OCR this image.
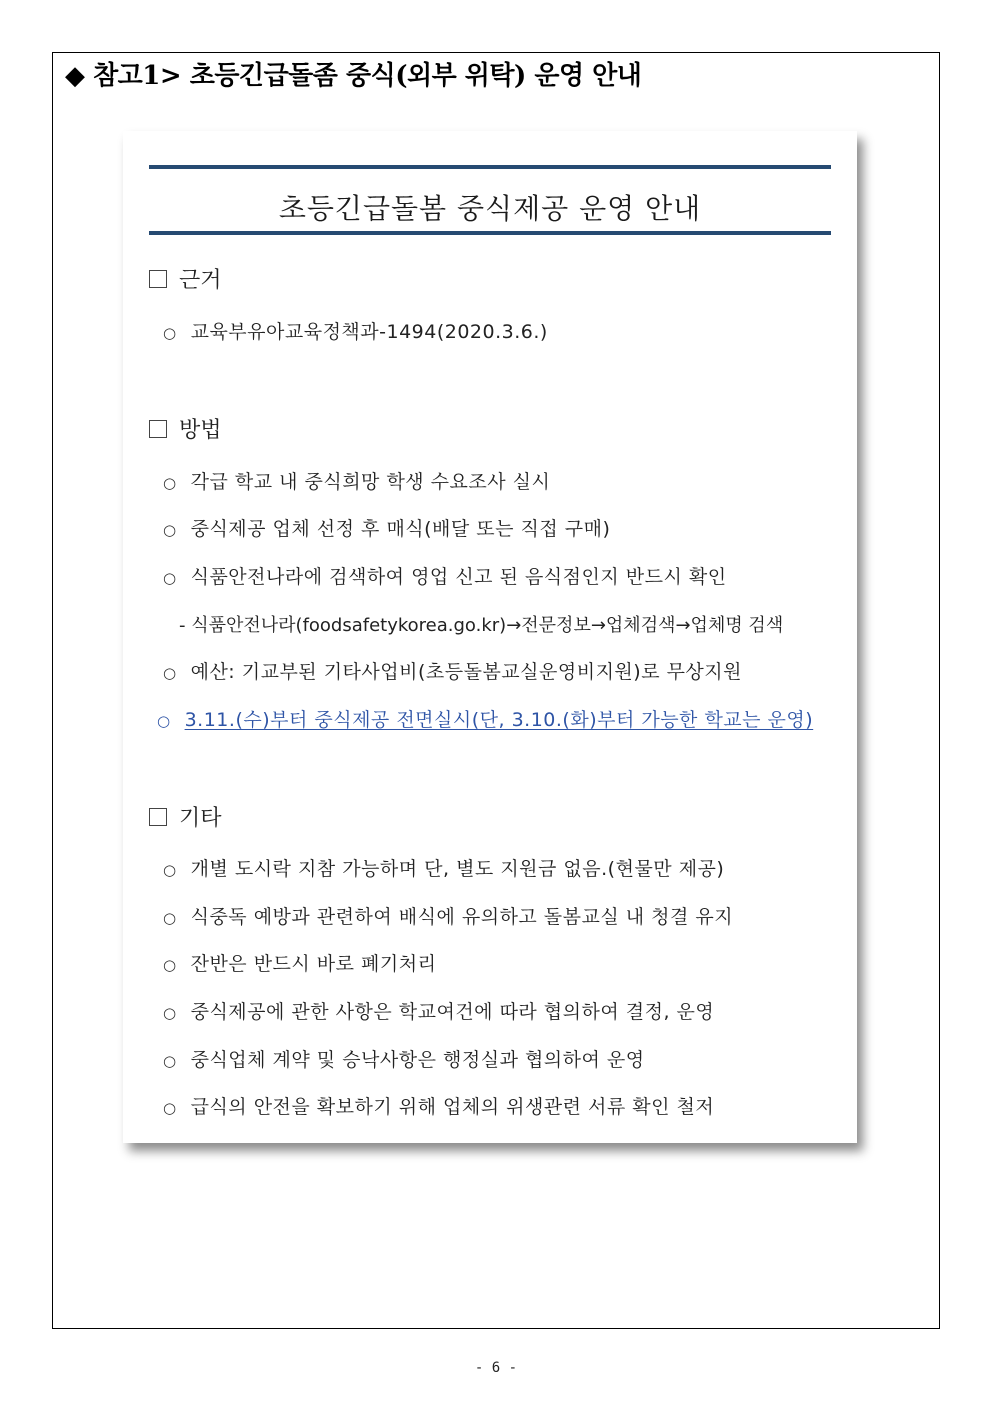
◆ 참고1> 초등긴급돌좀 중식(외부 위탁) 운영 안내
초등긴급돌봄 중식제공 운영 안내
근거
○ 교육부유아교육정책과-1494(2020.3.6.)
방법
○ 각급 학교 내 중식희망 학생 수요조사 실시
○ 중식제공 업체 선정 후 매식(배달 또는 직접 구매)
○ 식품안전나라에 검색하여 영업 신고 된 음식점인지 반드시 확인
- 식품안전나라(foodsafetykorea.go.kr)→전문정보→업체검색→업체명 검색
○ 예산: 기교부된 기타사업비(초등돌봄교실운영비지원)로 무상지원
○ 3.11.(수)부터 중식제공 전면실시(단, 3.10.(화)부터 가능한 학교는 운영)
기타
○ 개별 도시락 지참 가능하며 단, 별도 지원금 없음.(현물만 제공)
○ 식중독 예방과 관련하여 배식에 유의하고 돌봄교실 내 청결 유지
○ 잔반은 반드시 바로 폐기처리
○ 중식제공에 관한 사항은 학교여건에 따라 협의하여 결정, 운영
○ 중식업체 계약 및 승낙사항은 행정실과 협의하여 운영
○ 급식의 안전을 확보하기 위해 업체의 위생관련 서류 확인 철저
- 6 -
